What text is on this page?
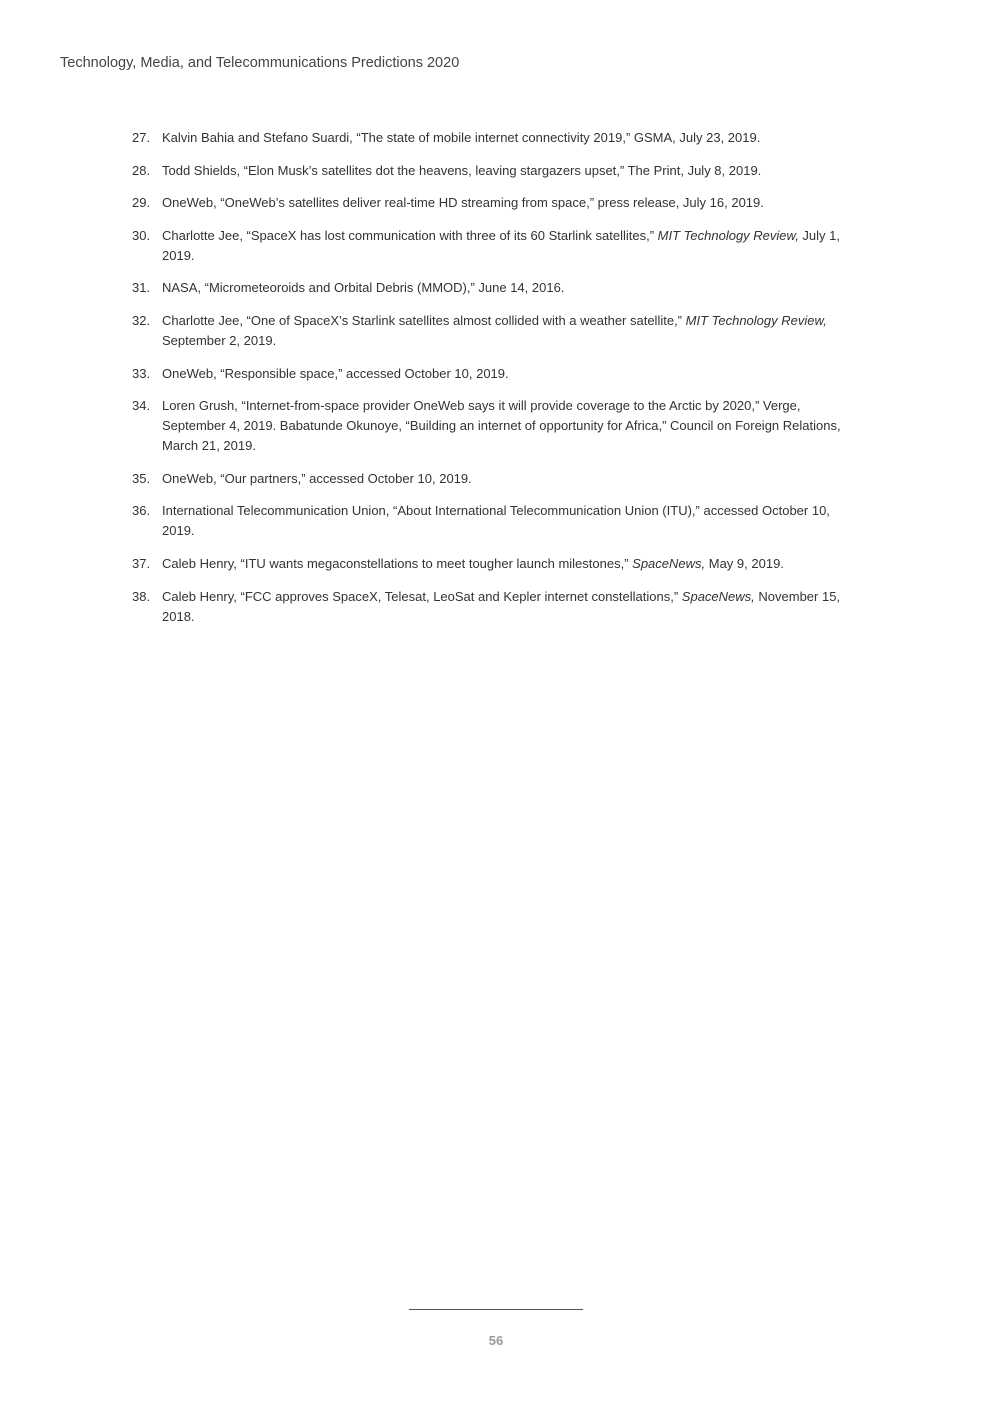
Technology, Media, and Telecommunications Predictions 2020
27. Kalvin Bahia and Stefano Suardi, “The state of mobile internet connectivity 2019,” GSMA, July 23, 2019.
28. Todd Shields, “Elon Musk’s satellites dot the heavens, leaving stargazers upset,” The Print, July 8, 2019.
29. OneWeb, “OneWeb’s satellites deliver real-time HD streaming from space,” press release, July 16, 2019.
30. Charlotte Jee, “SpaceX has lost communication with three of its 60 Starlink satellites,” MIT Technology Review, July 1, 2019.
31. NASA, “Micrometeoroids and Orbital Debris (MMOD),” June 14, 2016.
32. Charlotte Jee, “One of SpaceX’s Starlink satellites almost collided with a weather satellite,” MIT Technology Review, September 2, 2019.
33. OneWeb, “Responsible space,” accessed October 10, 2019.
34. Loren Grush, “Internet-from-space provider OneWeb says it will provide coverage to the Arctic by 2020,” Verge, September 4, 2019. Babatunde Okunoye, “Building an internet of opportunity for Africa,” Council on Foreign Relations, March 21, 2019.
35. OneWeb, “Our partners,” accessed October 10, 2019.
36. International Telecommunication Union, “About International Telecommunication Union (ITU),” accessed October 10, 2019.
37. Caleb Henry, “ITU wants megaconstellations to meet tougher launch milestones,” SpaceNews, May 9, 2019.
38. Caleb Henry, “FCC approves SpaceX, Telesat, LeoSat and Kepler internet constellations,” SpaceNews, November 15, 2018.
56
